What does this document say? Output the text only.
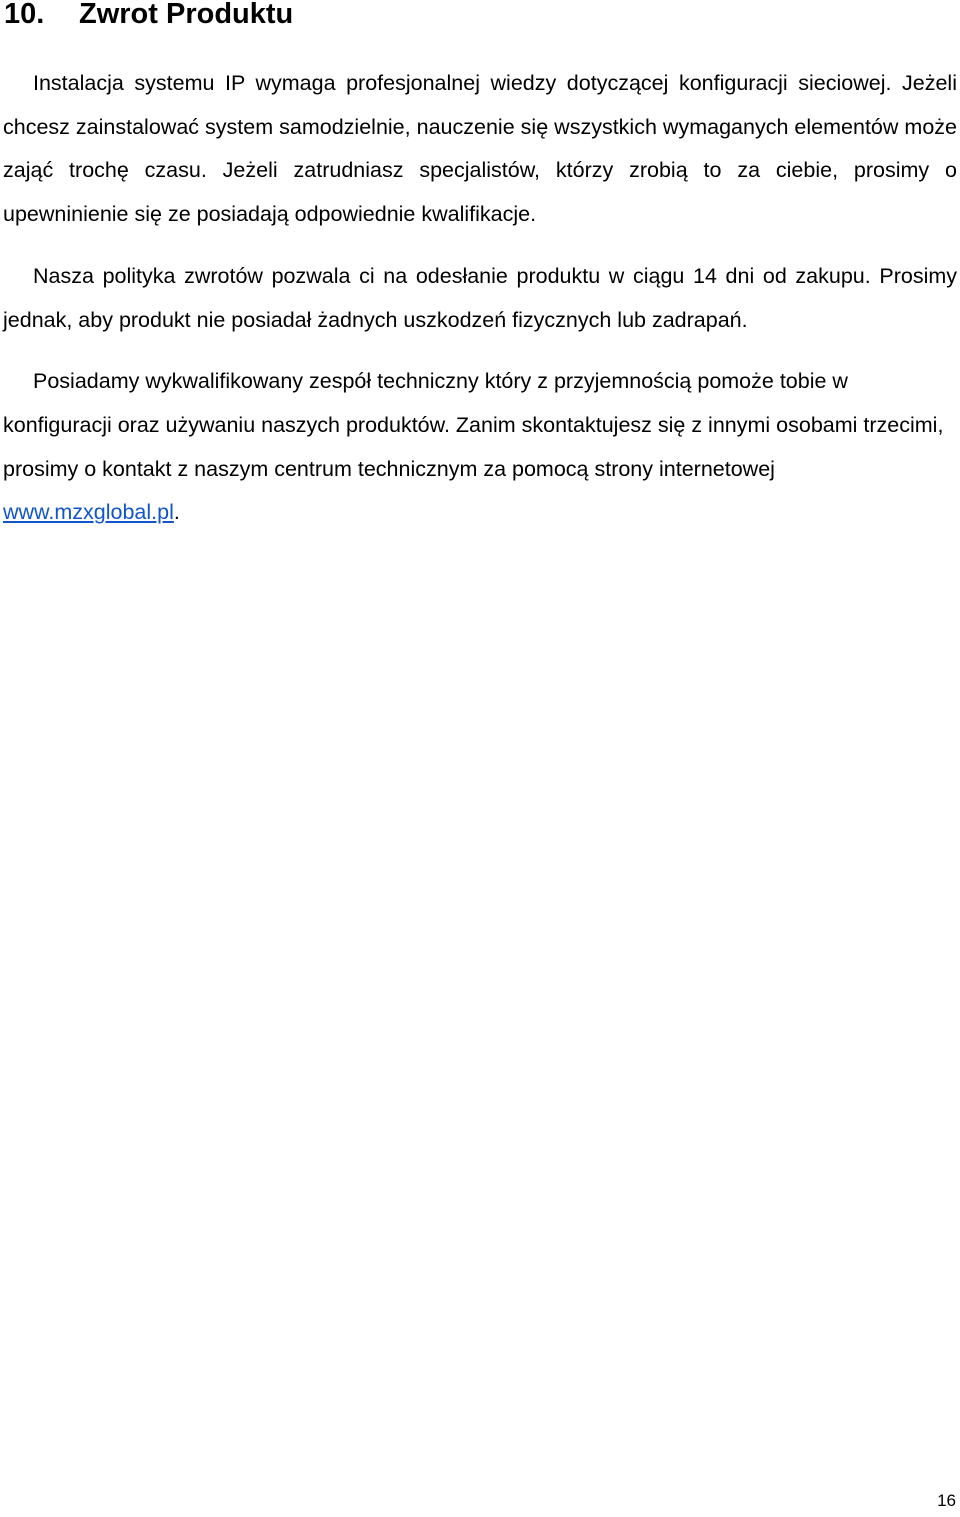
10. Zwrot Produktu

Instalacja systemu IP wymaga profesjonalnej wiedzy dotyczącej konfiguracji sieciowej. Jeżeli chcesz zainstalować system samodzielnie, nauczenie się wszystkich wymaganych elementów może zająć trochę czasu. Jeżeli zatrudniasz specjalistów, którzy zrobią to za ciebie, prosimy o upewninienie się ze posiadają odpowiednie kwalifikacje.

Nasza polityka zwrotów pozwala ci na odesłanie produktu w ciągu 14 dni od zakupu. Prosimy jednak, aby produkt nie posiadał żadnych uszkodzeń fizycznych lub zadrapań.

Posiadamy wykwalifikowany zespół techniczny który z przyjemnością pomoże tobie w konfiguracji oraz używaniu naszych produktów. Zanim skontaktujesz się z innymi osobami trzecimi, prosimy o kontakt z naszym centrum technicznym za pomocą strony internetowej www.mzxglobal.pl.

16
